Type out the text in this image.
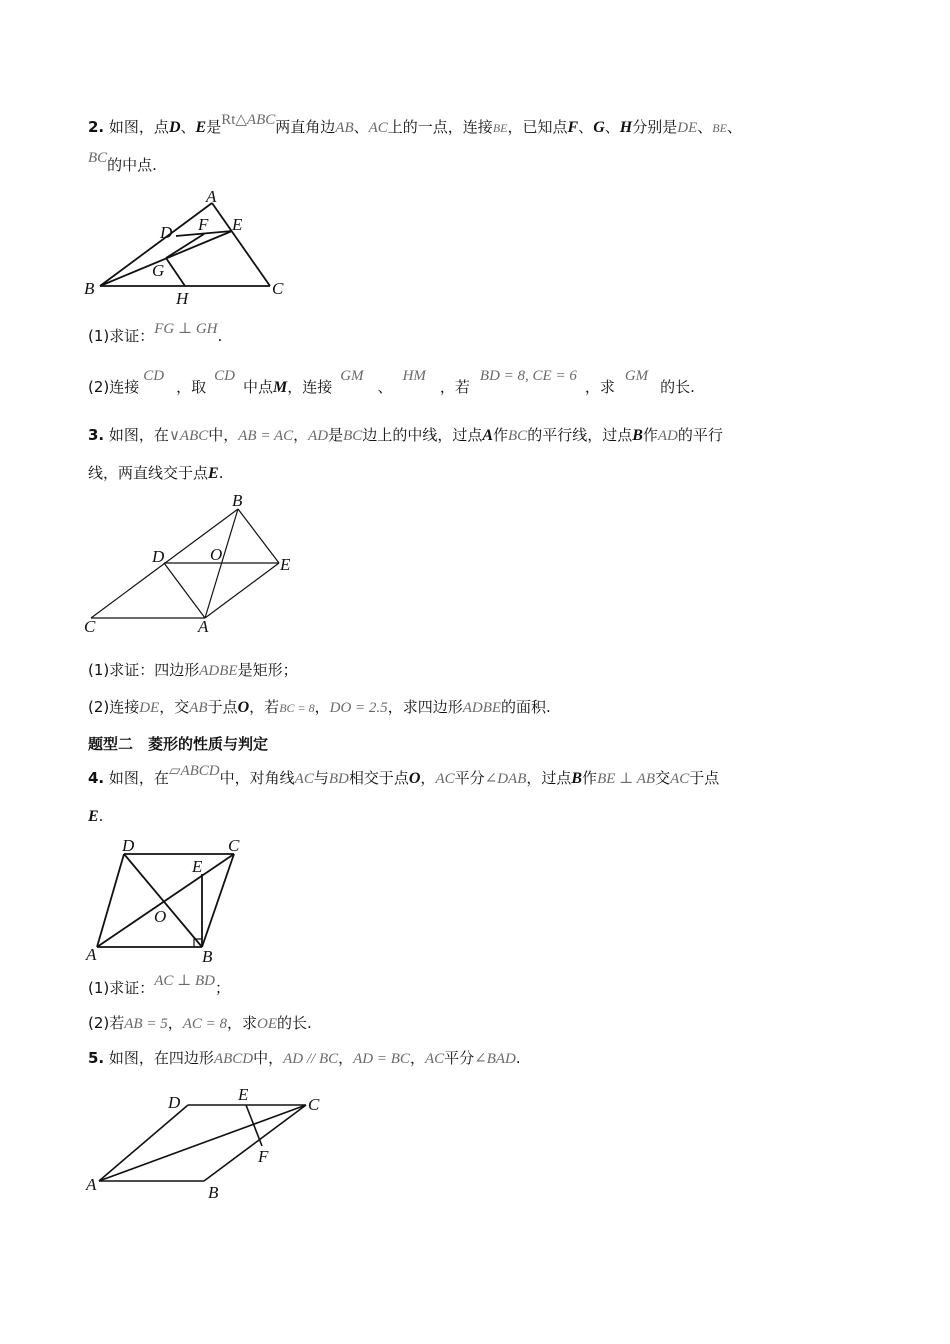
2. 如图，点D、E是Rt△ABC两直角边AB、AC上的一点，连接BE，已知点F、G、H分别是DE、BE、
BC的中点.
A
D F E
G
B
H
C
(1)求证：FG ⊥ GH.
(2)连接CD，取CD中点M，连接GM、HM，若BD = 8, CE = 6，求GM的长.
3. 如图，在∨ABC中，AB = AC，AD是BC边上的中线，过点A作BC的平行线，过点B作AD的平行
线，两直线交于点E.
B
D	O
E
C	A
(1)求证：四边形ADBE是矩形；
(2)连接DE，交AB于点O，若BC = 8，DO = 2.5，求四边形ADBE的面积.
题型二　菱形的性质与判定
4. 如图，在▱ABCD中，对角线AC与BD相交于点O，AC平分∠DAB，过点B作BE ⊥ AB交AC于点
E.
D	C
E
O
A	B
(1)求证：AC ⊥ BD；
(2)若AB = 5，AC = 8，求OE的长.
5. 如图，在四边形ABCD中，AD // BC，AD = BC，AC平分∠BAD.
D	E
C
F
A	B
